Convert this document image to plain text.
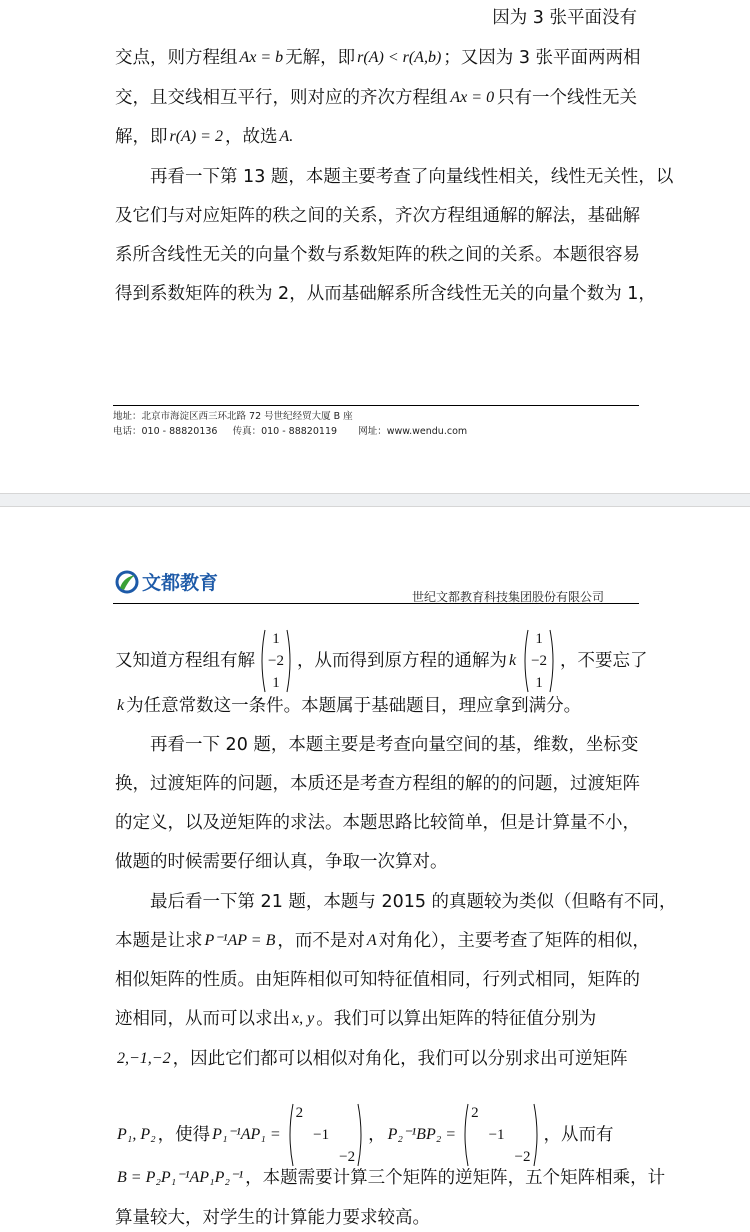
因为 3 张平面没有
交点，则方程组 Ax = b 无解，即 r(A) < r(A,b) ；又因为 3 张平面两两相
交，且交线相互平行，则对应的齐次方程组 Ax = 0 只有一个线性无关
解，即 r(A) = 2 ，故选 A.
再看一下第 13 题，本题主要考查了向量线性相关，线性无关性，以
及它们与对应矩阵的秩之间的关系，齐次方程组通解的解法，基础解
系所含线性无关的向量个数与系数矩阵的秩之间的关系。本题很容易
得到系数矩阵的秩为 2，从而基础解系所含线性无关的向量个数为 1，
地址：北京市海淀区西三环北路 72 号世纪经贸大厦 B 座
电话：010 - 88820136 传真：010 - 88820119 网址：www.wendu.com
文都教育
世纪文都教育科技集团股份有限公司
又知道方程组有解
1
−2
1
，从而得到原方程的通解为 k
1
−2
1
，不要忘了
k 为任意常数这一条件。本题属于基础题目，理应拿到满分。
再看一下 20 题，本题主要是考查向量空间的基，维数，坐标变
换，过渡矩阵的问题，本质还是考查方程组的解的的问题，过渡矩阵
的定义，以及逆矩阵的求法。本题思路比较简单，但是计算量不小，
做题的时候需要仔细认真，争取一次算对。
最后看一下第 21 题，本题与 2015 的真题较为类似（但略有不同，
本题是让求 P⁻¹AP = B ，而不是对 A 对角化），主要考查了矩阵的相似，
相似矩阵的性质。由矩阵相似可知特征值相同，行列式相同，矩阵的
迹相同，从而可以求出 x, y 。我们可以算出矩阵的特征值分别为
2,−1,−2 ，因此它们都可以相似对角化，我们可以分别求出可逆矩阵
P₁, P₂ ，使得 P₁⁻¹AP₁ =
2
−1
−2
， P₂⁻¹BP₂ =
2
−1
−2
，从而有
B = P₂P₁⁻¹AP₁P₂⁻¹ ，本题需要计算三个矩阵的逆矩阵，五个矩阵相乘，计
算量较大，对学生的计算能力要求较高。
